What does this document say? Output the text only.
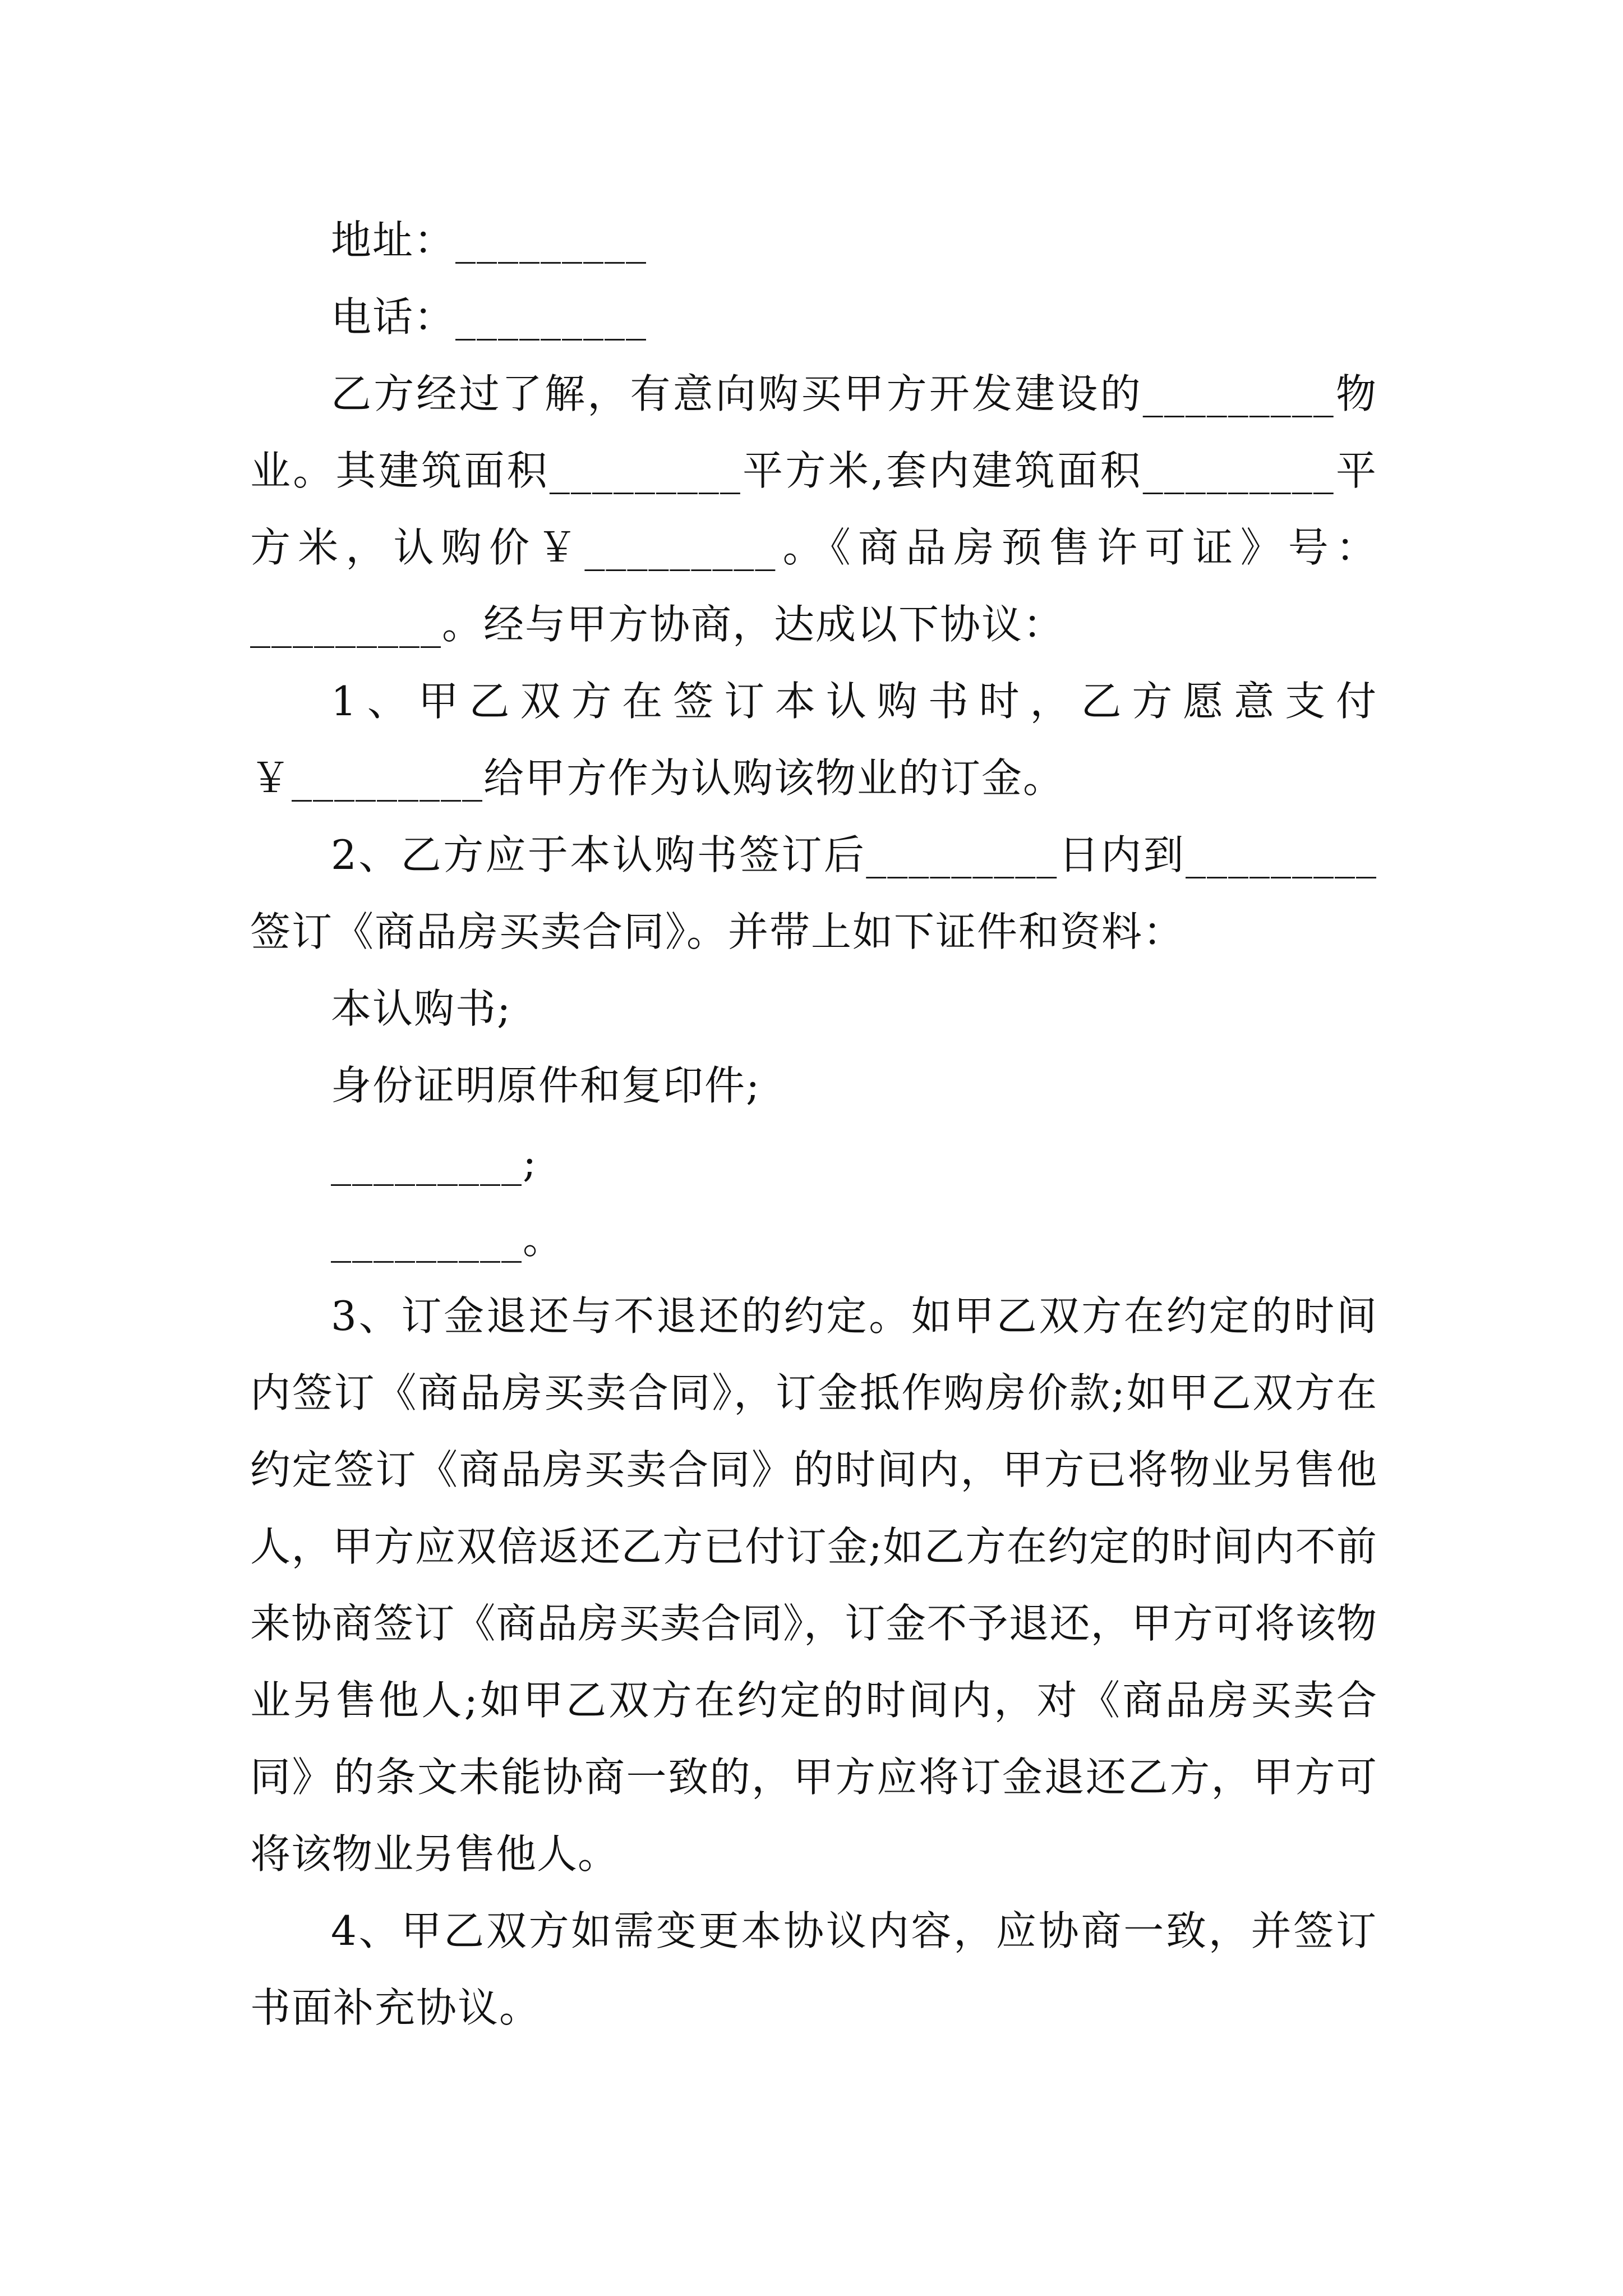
地址：_________

电话：_________

乙方经过了解，有意向购买甲方开发建设的_________物业。其建筑面积_________平方米,套内建筑面积_________平方米，认购价￥_________。《商品房预售许可证》号：_________。经与甲方协商，达成以下协议：

1、甲乙双方在签订本认购书时，乙方愿意支付￥_________给甲方作为认购该物业的订金。

2、乙方应于本认购书签订后_________日内到_________签订《商品房买卖合同》。并带上如下证件和资料：

本认购书;

身份证明原件和复印件;

_________;

_________。

3、订金退还与不退还的约定。如甲乙双方在约定的时间内签订《商品房买卖合同》，订金抵作购房价款;如甲乙双方在约定签订《商品房买卖合同》的时间内，甲方已将物业另售他人，甲方应双倍返还乙方已付订金;如乙方在约定的时间内不前来协商签订《商品房买卖合同》，订金不予退还，甲方可将该物业另售他人;如甲乙双方在约定的时间内，对《商品房买卖合同》的条文未能协商一致的，甲方应将订金退还乙方，甲方可将该物业另售他人。

4、甲乙双方如需变更本协议内容，应协商一致，并签订书面补充协议。
